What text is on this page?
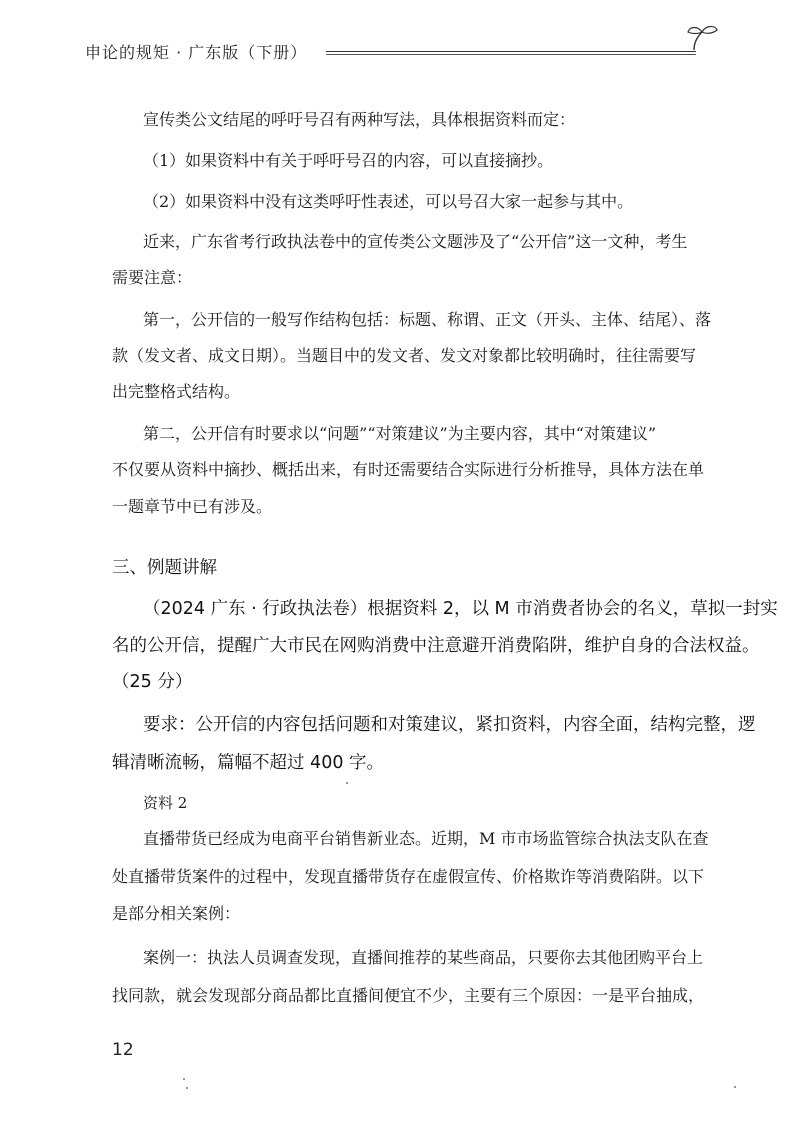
申论的规矩 · 广东版（下册）
宣传类公文结尾的呼吁号召有两种写法，具体根据资料而定：
（1）如果资料中有关于呼吁号召的内容，可以直接摘抄。
（2）如果资料中没有这类呼吁性表述，可以号召大家一起参与其中。
近来，广东省考行政执法卷中的宣传类公文题涉及了“公开信”这一文种，考生
需要注意：
第一，公开信的一般写作结构包括：标题、称谓、正文（开头、主体、结尾）、落
款（发文者、成文日期）。当题目中的发文者、发文对象都比较明确时，往往需要写
出完整格式结构。
第二，公开信有时要求以“问题”“对策建议”为主要内容，其中“对策建议”
不仅要从资料中摘抄、概括出来，有时还需要结合实际进行分析推导，具体方法在单
一题章节中已有涉及。
三、例题讲解
（2024 广东 · 行政执法卷）根据资料 2，以 M 市消费者协会的名义，草拟一封实
名的公开信，提醒广大市民在网购消费中注意避开消费陷阱，维护自身的合法权益。
（25 分）
要求：公开信的内容包括问题和对策建议，紧扣资料，内容全面，结构完整，逻
辑清晰流畅，篇幅不超过 400 字。
资料 2
直播带货已经成为电商平台销售新业态。近期，M 市市场监管综合执法支队在查
处直播带货案件的过程中，发现直播带货存在虚假宣传、价格欺诈等消费陷阱。以下
是部分相关案例：
案例一：执法人员调查发现，直播间推荐的某些商品，只要你去其他团购平台上
找同款，就会发现部分商品都比直播间便宜不少，主要有三个原因：一是平台抽成，
12
